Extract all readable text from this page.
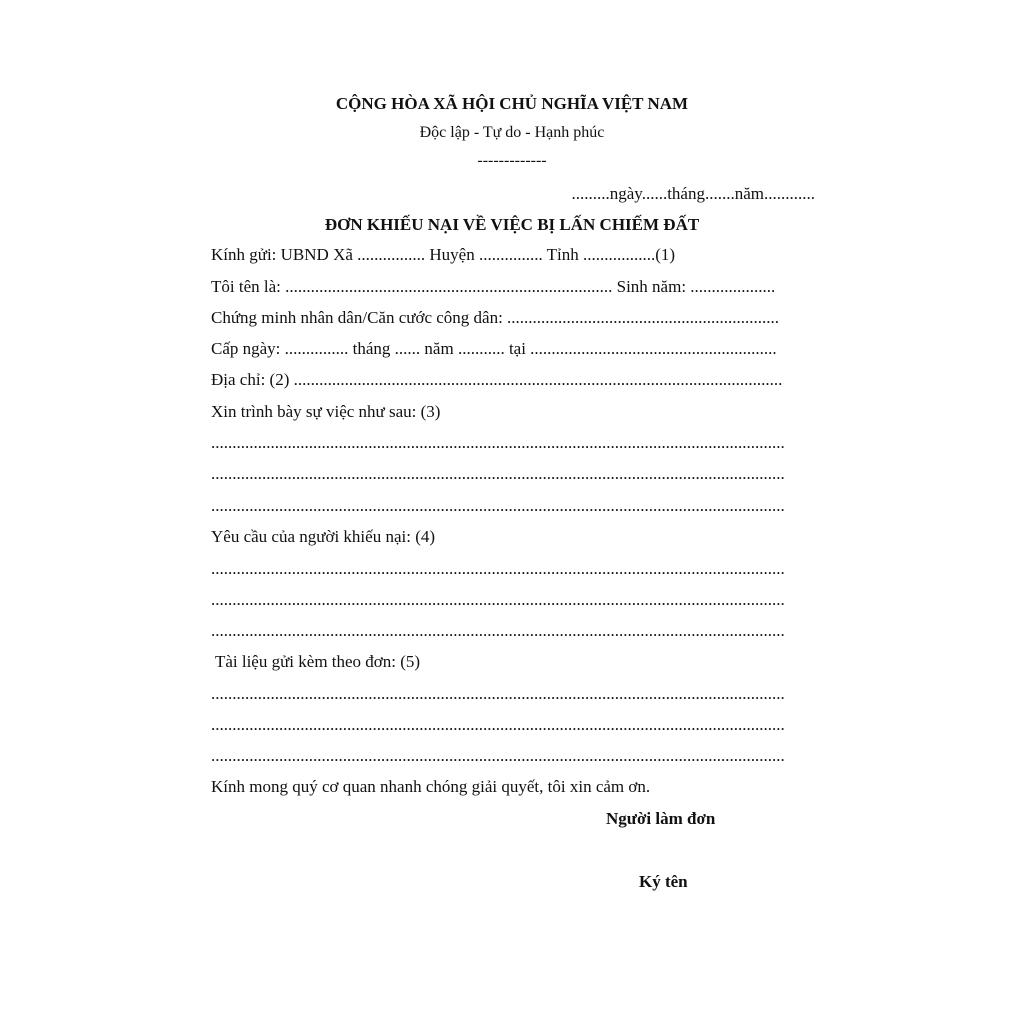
CỘNG HÒA XÃ HỘI CHỦ NGHĨA VIỆT NAM
Độc lập - Tự do - Hạnh phúc
-------------
.........ngày......tháng.......năm............
ĐƠN KHIẾU NẠI VỀ VIỆC BỊ LẤN CHIẾM ĐẤT
Kính gửi: UBND Xã ................ Huyện ............... Tỉnh .................(1)
Tôi tên là: ............................................................................. Sinh năm: ....................
Chứng minh nhân dân/Căn cước công dân: ................................................................
Cấp ngày: ............... tháng ...... năm ........... tại ..........................................................
Địa chỉ: (2) ...................................................................................................................
Xin trình bày sự việc như sau: (3)
.......................................................................................................................................
.......................................................................................................................................
.......................................................................................................................................
Yêu cầu của người khiếu nại: (4)
.......................................................................................................................................
.......................................................................................................................................
.......................................................................................................................................
Tài liệu gửi kèm theo đơn: (5)
.......................................................................................................................................
.......................................................................................................................................
.......................................................................................................................................
Kính mong quý cơ quan nhanh chóng giải quyết, tôi xin cảm ơn.
Người làm đơn
Ký tên
